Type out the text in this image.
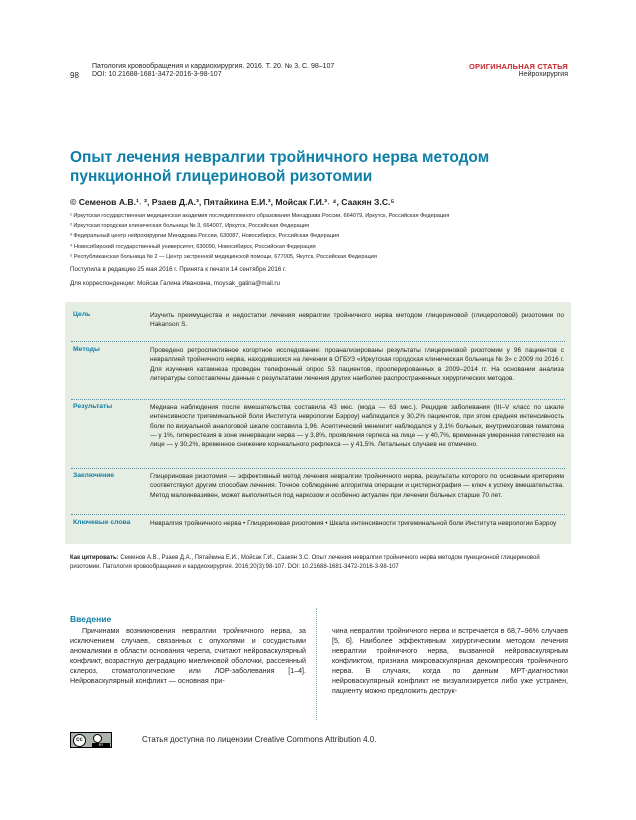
98
Патология кровообращения и кардиохирургия. 2016. Т. 20. № 3. С. 98–107
DOI: 10.21688-1681-3472-2016-3-98-107
ОРИГИНАЛЬНАЯ СТАТЬЯ
Нейрохирургия
Опыт лечения невралгии тройничного нерва методом пункционной глицериновой ризотомии
© Семенов А.В.¹˒ ², Рзаев Д.А.³, Пятайкина Е.И.³, Мойсак Г.И.³˒ ⁴, Саакян З.С.⁵
¹ Иркутская государственная медицинская академия последипломного образования Минздрава России, 664079, Иркутск, Российская Федерация
² Иркутская городская клиническая больница № 3, 664007, Иркутск, Российская Федерация
³ Федеральный центр нейрохирургии Минздрава России, 630087, Новосибирск, Российская Федерация
⁴ Новосибирский государственный университет, 630090, Новосибирск, Российская Федерация
⁵ Республиканская больница № 2 — Центр экстренной медицинской помощи, 677005, Якутск, Российская Федерация
Поступила в редакцию 25 мая 2016 г. Принята к печати 14 сентября 2016 г.
Для корреспонденции: Мойсак Галина Ивановна, moysak_galina@mail.ru
Цель	Изучить преимущества и недостатки лечения невралгии тройничного нерва методом глицериновой (глицероловой) ризотомии по Hakanson S.
Методы	Проведено ретроспективное когортное исследование: проанализированы результаты глицериновой ризотомии у 96 пациентов с невралгией тройничного нерва, находившихся на лечении в ОГБУЗ «Иркутская городская клиническая больница № 3» с 2009 по 2016 г. Для изучения катамнеза проведен телефонный опрос 53 пациентов, прооперированных в 2009–2014 гг. На основании анализа литературы сопоставлены данные с результатами лечения других наиболее распространенных хирургических методов.
Результаты	Медиана наблюдения после вмешательства составила 43 мес. (мода — 63 мес.). Рецидив заболевания (III–V класс по шкале интенсивности тригеминальной боли Института неврологии Бэрроу) наблюдался у 30,2% пациентов, при этом средняя интенсивность боли по визуальной аналоговой шкале составила 1,96. Асептический менингит наблюдался у 3,1% больных, внутримозговая гематома — у 1%, гиперестезия в зоне иннервации нерва — у 3,8%, проявления герпеса на лице — у 40,7%, временная умеренная гипестезия на лице — у 30,2%, временное снижение корнеального рефлекса — у 41,5%. Летальных случаев не отмечено.
Заключение	Глицериновая ризотомия — эффективный метод лечения невралгии тройничного нерва, результаты которого по основным критериям соответствуют другим способам лечения. Точное соблюдение алгоритма операции и цистернография — ключ к успеху вмешательства. Метод малоинвазивен, может выполняться под наркозом и особенно актуален при лечении больных старше 70 лет.
Ключевые слова	Невралгия тройничного нерва • Глицериновая ризотомия • Шкала интенсивности тригеминальной боли Института неврологии Бэрроу
Как цитировать: Семенов А.В., Рзаев Д.А., Пятайкина Е.И., Мойсак Г.И., Саакян З.С. Опыт лечения невралгии тройничного нерва методом пункционной глицериновой ризотомии. Патология кровообращения и кардиохирургия. 2016;20(3):98-107. DOI: 10.21688-1681-3472-2016-3-98-107
Введение

Причинами возникновения невралгии тройничного нерва, за исключением случаев, связанных с опухолями и сосудистыми аномалиями в области основания черепа, считают нейроваскулярный конфликт, возрастную деградацию миелиновой оболочки, рассеянный склероз, стоматологические или ЛОР-заболевания [1–4]. Нейроваскулярный конфликт — основная при-

чина невралгии тройничного нерва и встречается в 68,7–96% случаев [5, 6]. Наиболее эффективным хирургическим методом лечения невралгии тройничного нерва, вызванной нейроваскулярным конфликтом, признана микроваскулярная декомпрессия тройничного нерва. В случаях, когда по данным МРТ-диагностики нейроваскулярный конфликт не визуализируется либо уже устранен, пациенту можно предложить деструк-

cc
BY
Статья доступна по лицензии Creative Commons Attribution 4.0.
